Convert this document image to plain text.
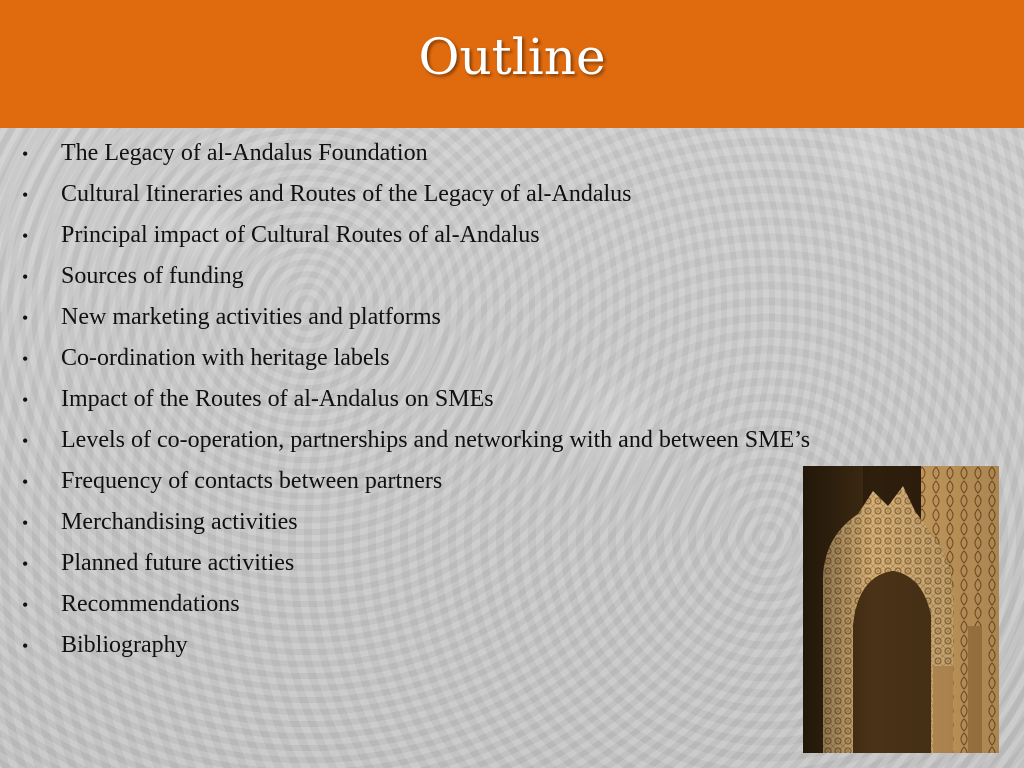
Outline
•	The Legacy of al-Andalus Foundation
•	Cultural Itineraries and Routes of the Legacy of al-Andalus
•	Principal impact of Cultural Routes of al-Andalus
•	Sources of funding
•	New marketing activities and platforms
•	Co-ordination with heritage labels
•	Impact of the Routes of al-Andalus on SMEs
•	Levels of co-operation, partnerships and networking with and between SME’s
•	Frequency of contacts between partners
•	Merchandising activities
•	Planned future activities
•	Recommendations
•	Bibliography
